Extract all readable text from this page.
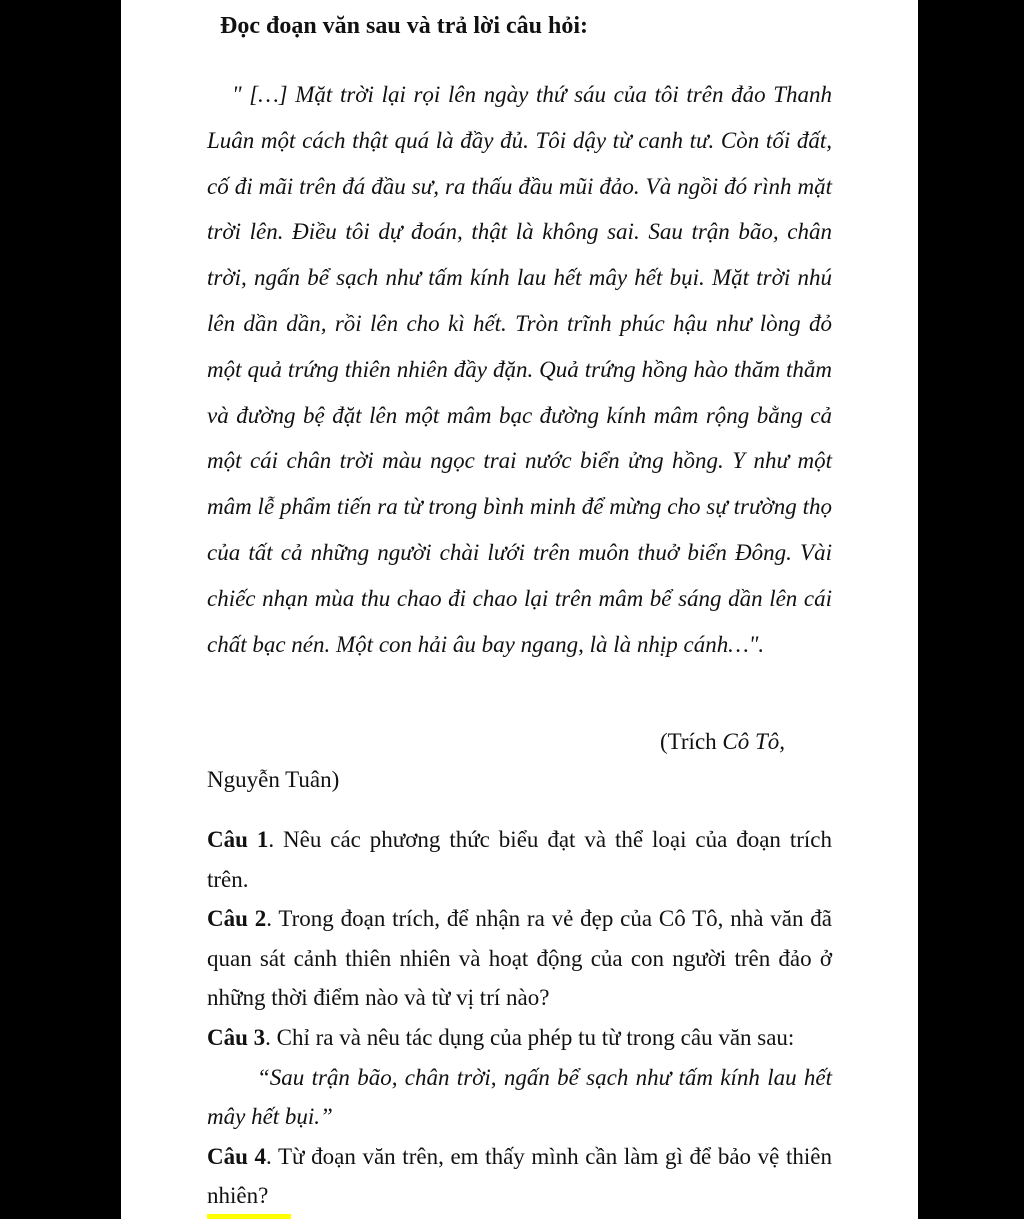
Đọc đoạn văn sau và trả lời câu hỏi:

" […] Mặt trời lại rọi lên ngày thứ sáu của tôi trên đảo Thanh Luân một cách thật quá là đầy đủ. Tôi dậy từ canh tư. Còn tối đất, cố đi mãi trên đá đầu sư, ra thấu đầu mũi đảo. Và ngồi đó rình mặt trời lên. Điều tôi dự đoán, thật là không sai. Sau trận bão, chân trời, ngấn bể sạch như tấm kính lau hết mây hết bụi. Mặt trời nhú lên dần dần, rồi lên cho kì hết. Tròn trĩnh phúc hậu như lòng đỏ một quả trứng thiên nhiên đầy đặn. Quả trứng hồng hào thăm thẳm và đường bệ đặt lên một mâm bạc đường kính mâm rộng bằng cả một cái chân trời màu ngọc trai nước biển ửng hồng. Y như một mâm lễ phẩm tiến ra từ trong bình minh để mừng cho sự trường thọ của tất cả những người chài lưới trên muôn thuở biển Đông. Vài chiếc nhạn mùa thu chao đi chao lại trên mâm bể sáng dần lên cái chất bạc nén. Một con hải âu bay ngang, là là nhịp cánh…".

(Trích Cô Tô,
Nguyễn Tuân)

Câu 1. Nêu các phương thức biểu đạt và thể loại của đoạn trích trên.

Câu 2. Trong đoạn trích, để nhận ra vẻ đẹp của Cô Tô, nhà văn đã quan sát cảnh thiên nhiên và hoạt động của con người trên đảo ở những thời điểm nào và từ vị trí nào?

Câu 3. Chỉ ra và nêu tác dụng của phép tu từ trong câu văn sau:

“Sau trận bão, chân trời, ngấn bể sạch như tấm kính lau hết mây hết bụi.”

Câu 4. Từ đoạn văn trên, em thấy mình cần làm gì để bảo vệ thiên nhiên?
